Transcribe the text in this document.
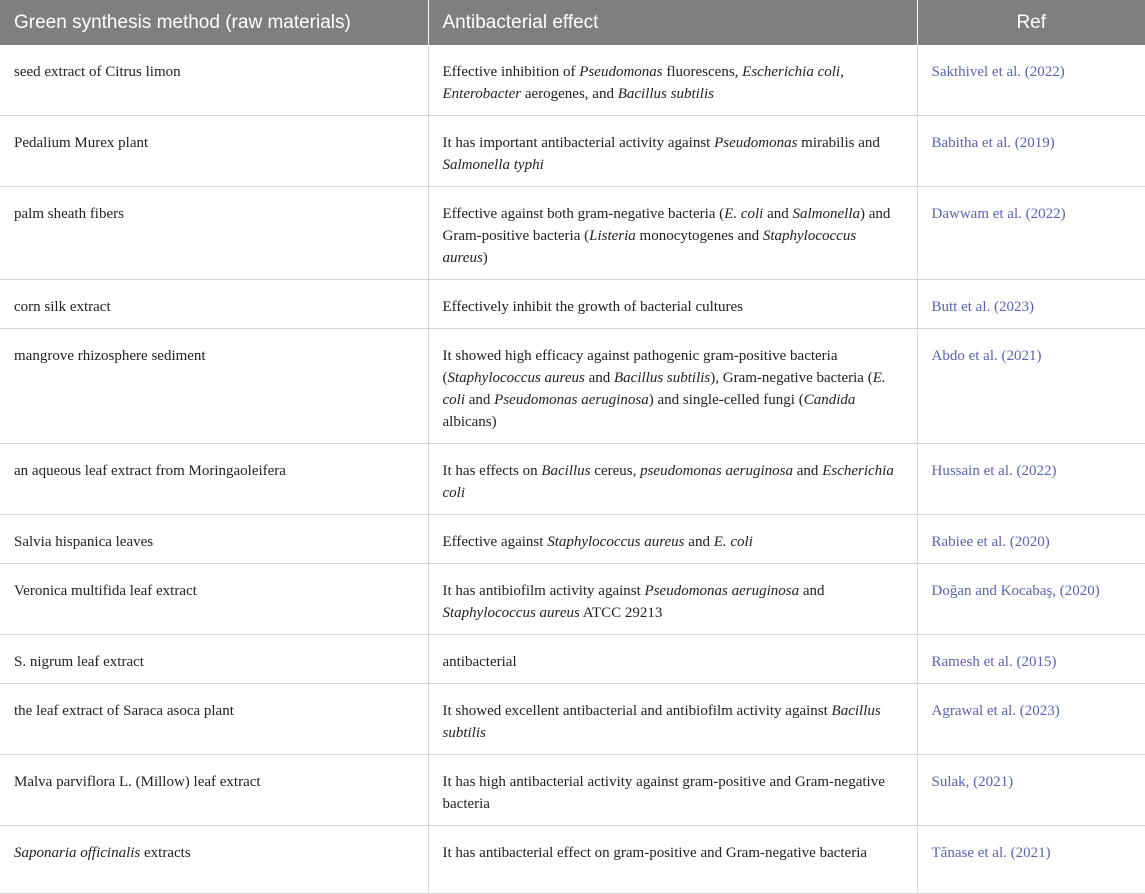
Green synthesis method (raw materials)	Antibacterial effect	Ref
seed extract of Citrus limon	Effective inhibition of Pseudomonas fluorescens, Escherichia coli, Enterobacter aerogenes, and Bacillus subtilis	Sakthivel et al. (2022)
Pedalium Murex plant	It has important antibacterial activity against Pseudomonas mirabilis and Salmonella typhi	Babitha et al. (2019)
palm sheath fibers	Effective against both gram-negative bacteria (E. coli and Salmonella) and Gram-positive bacteria (Listeria monocytogenes and Staphylococcus aureus)	Dawwam et al. (2022)
corn silk extract	Effectively inhibit the growth of bacterial cultures	Butt et al. (2023)
mangrove rhizosphere sediment	It showed high efficacy against pathogenic gram-positive bacteria (Staphylococcus aureus and Bacillus subtilis), Gram-negative bacteria (E. coli and Pseudomonas aeruginosa) and single-celled fungi (Candida albicans)	Abdo et al. (2021)
an aqueous leaf extract from Moringaoleifera	It has effects on Bacillus cereus, pseudomonas aeruginosa and Escherichia coli	Hussain et al. (2022)
Salvia hispanica leaves	Effective against Staphylococcus aureus and E. coli	Rabiee et al. (2020)
Veronica multifida leaf extract	It has antibiofilm activity against Pseudomonas aeruginosa and Staphylococcus aureus ATCC 29213	Doğan and Kocabaş, (2020)
S. nigrum leaf extract	antibacterial	Ramesh et al. (2015)
the leaf extract of Saraca asoca plant	It showed excellent antibacterial and antibiofilm activity against Bacillus subtilis	Agrawal et al. (2023)
Malva parviflora L. (Millow) leaf extract	It has high antibacterial activity against gram-positive and Gram-negative bacteria	Sulak, (2021)
Saponaria officinalis extracts	It has antibacterial effect on gram-positive and Gram-negative bacteria	Tănase et al. (2021)
